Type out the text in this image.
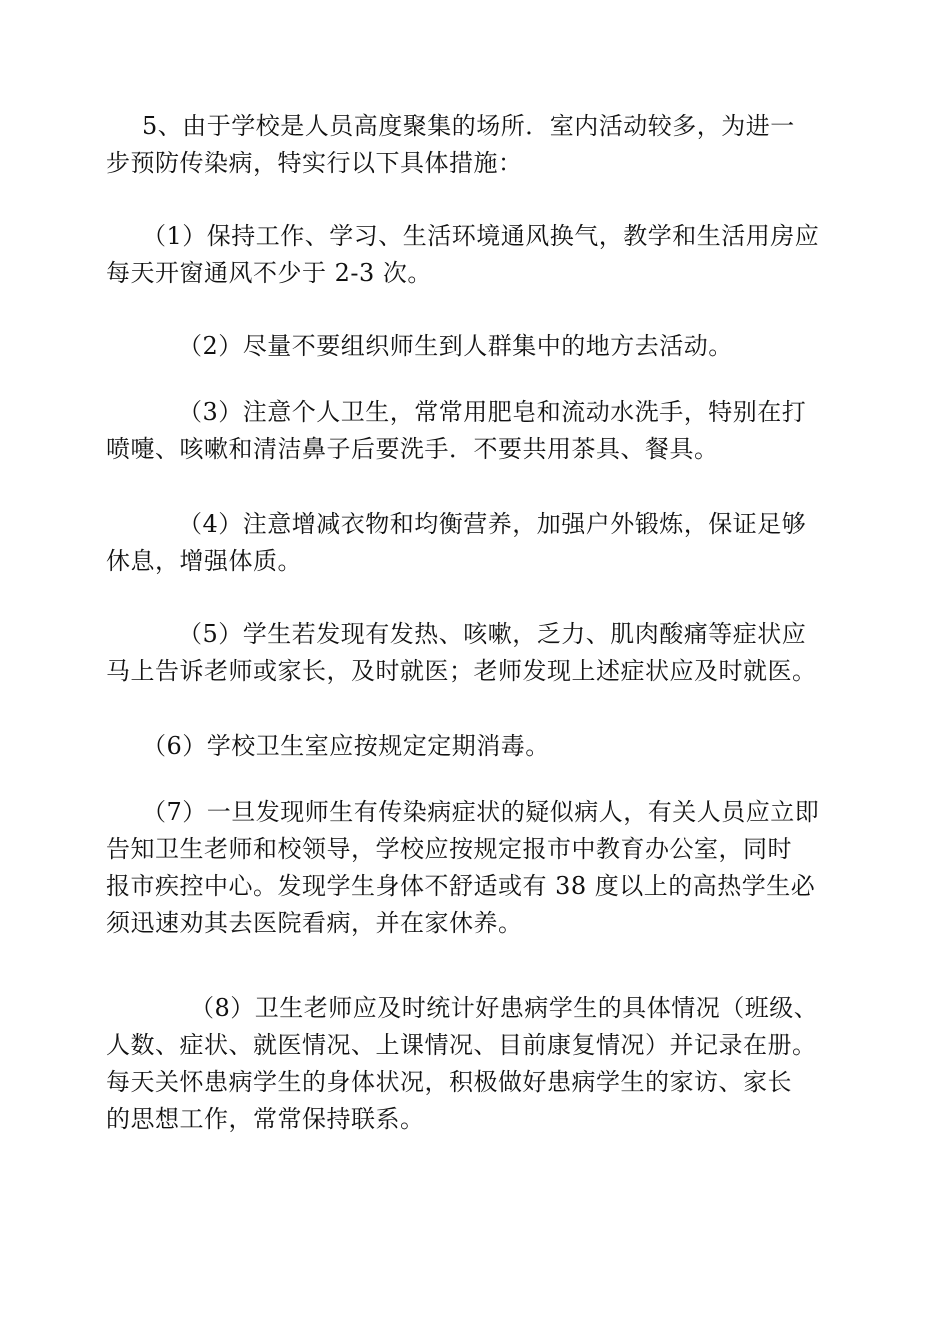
5、由于学校是人员高度聚集的场所．室内活动较多，为进一
步预防传染病，特实行以下具体措施：

（1）保持工作、学习、生活环境通风换气，教学和生活用房应
每天开窗通风不少于 2-3 次。

（2）尽量不要组织师生到人群集中的地方去活动。

（3）注意个人卫生，常常用肥皂和流动水洗手，特别在打
喷嚏、咳嗽和清洁鼻子后要洗手．不要共用茶具、餐具。

（4）注意增减衣物和均衡营养，加强户外锻炼，保证足够
休息，增强体质。

（5）学生若发现有发热、咳嗽，乏力、肌肉酸痛等症状应
马上告诉老师或家长，及时就医；老师发现上述症状应及时就医。

（6）学校卫生室应按规定定期消毒。

（7）一旦发现师生有传染病症状的疑似病人，有关人员应立即
告知卫生老师和校领导，学校应按规定报市中教育办公室，同时
报市疾控中心。发现学生身体不舒适或有 38 度以上的高热学生必
须迅速劝其去医院看病，并在家休养。

（8）卫生老师应及时统计好患病学生的具体情况（班级、
人数、症状、就医情况、上课情况、目前康复情况）并记录在册。
每天关怀患病学生的身体状况，积极做好患病学生的家访、家长
的思想工作，常常保持联系。
